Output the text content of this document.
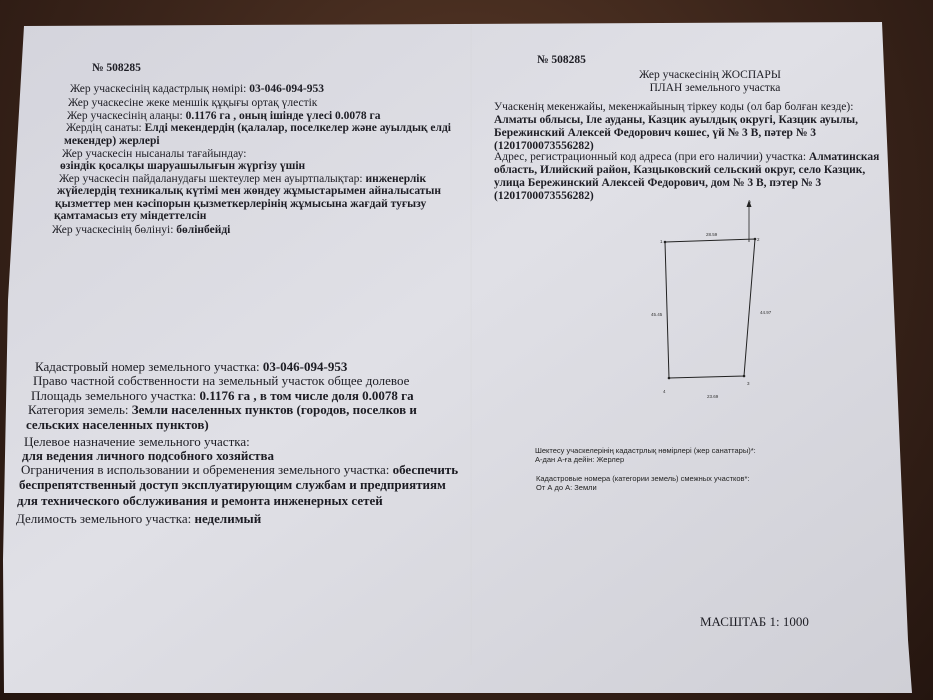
№ 508285
Жер учаскесінің кадастрлық нөмірі: 03-046-094-953
Жер учаскесіне жеке меншік құқығы ортақ үлестік
Жер учаскесінің алаңы: 0.1176 га , оның ішінде үлесі 0.0078 га
Жердің санаты: Елді мекендердің (қалалар, поселкелер және ауылдық елді
мекендер) жерлері
Жер учаскесін нысаналы тағайындау:
өзіндік қосалқы шаруашылығын жүргізу үшін
Жер учаскесін пайдаланудағы шектеулер мен ауыртпалықтар: инженерлік
жүйелердің техникалық күтімі мен жөндеу жұмыстарымен айналысатын
қызметтер мен кәсіпорын қызметкерлерінің жұмысына жағдай туғызу
қамтамасыз ету міндеттелсін
Жер учаскесінің бөлінуі: бөлінбейді
Кадастровый номер земельного участка: 03-046-094-953
Право частной собственности на земельный участок общее долевое
Площадь земельного участка: 0.1176 га , в том числе доля 0.0078 га
Категория земель: Земли населенных пунктов (городов, поселков и
сельских населенных пунктов)
Целевое назначение земельного участка:
для ведения личного подсобного хозяйства
Ограничения в использовании и обременения земельного участка: обеспечить
беспрепятственный доступ эксплуатирующим службам и предприятиям
для технического обслуживания и ремонта инженерных сетей
Делимость земельного участка: неделимый
№ 508285
Жер учаскесінің ЖОСПАРЫ
ПЛАН земельного участка
Учаскенің мекенжайы, мекенжайының тіркеу коды (ол бар болған кезде):
Алматы облысы, Іле ауданы, Казцик ауылдық округі, Казцик ауылы,
Бережинский Алексей Федорович көшес, үй № 3 В, пәтер № 3
(1201700073556282)
Адрес, регистрационный код адреса (при его наличии) участка: Алматинская
область, Илийский район, Казцыковский сельский округ, село Казцик,
улица Бережинский Алексей Федорович, дом № 3 В, пэтер № 3
(1201700073556282)	А
1	2
3
4
28.59
44.97
23.69
45.45
Шектесу учаскелерінің кадастрлық нөмірлері (жер санаттары)*:
А-дан А-ға дейін: Жерлер
Кадастровые номера (категории земель) смежных участков*:
От А до А: Земли
МАСШТАБ 1: 1000
